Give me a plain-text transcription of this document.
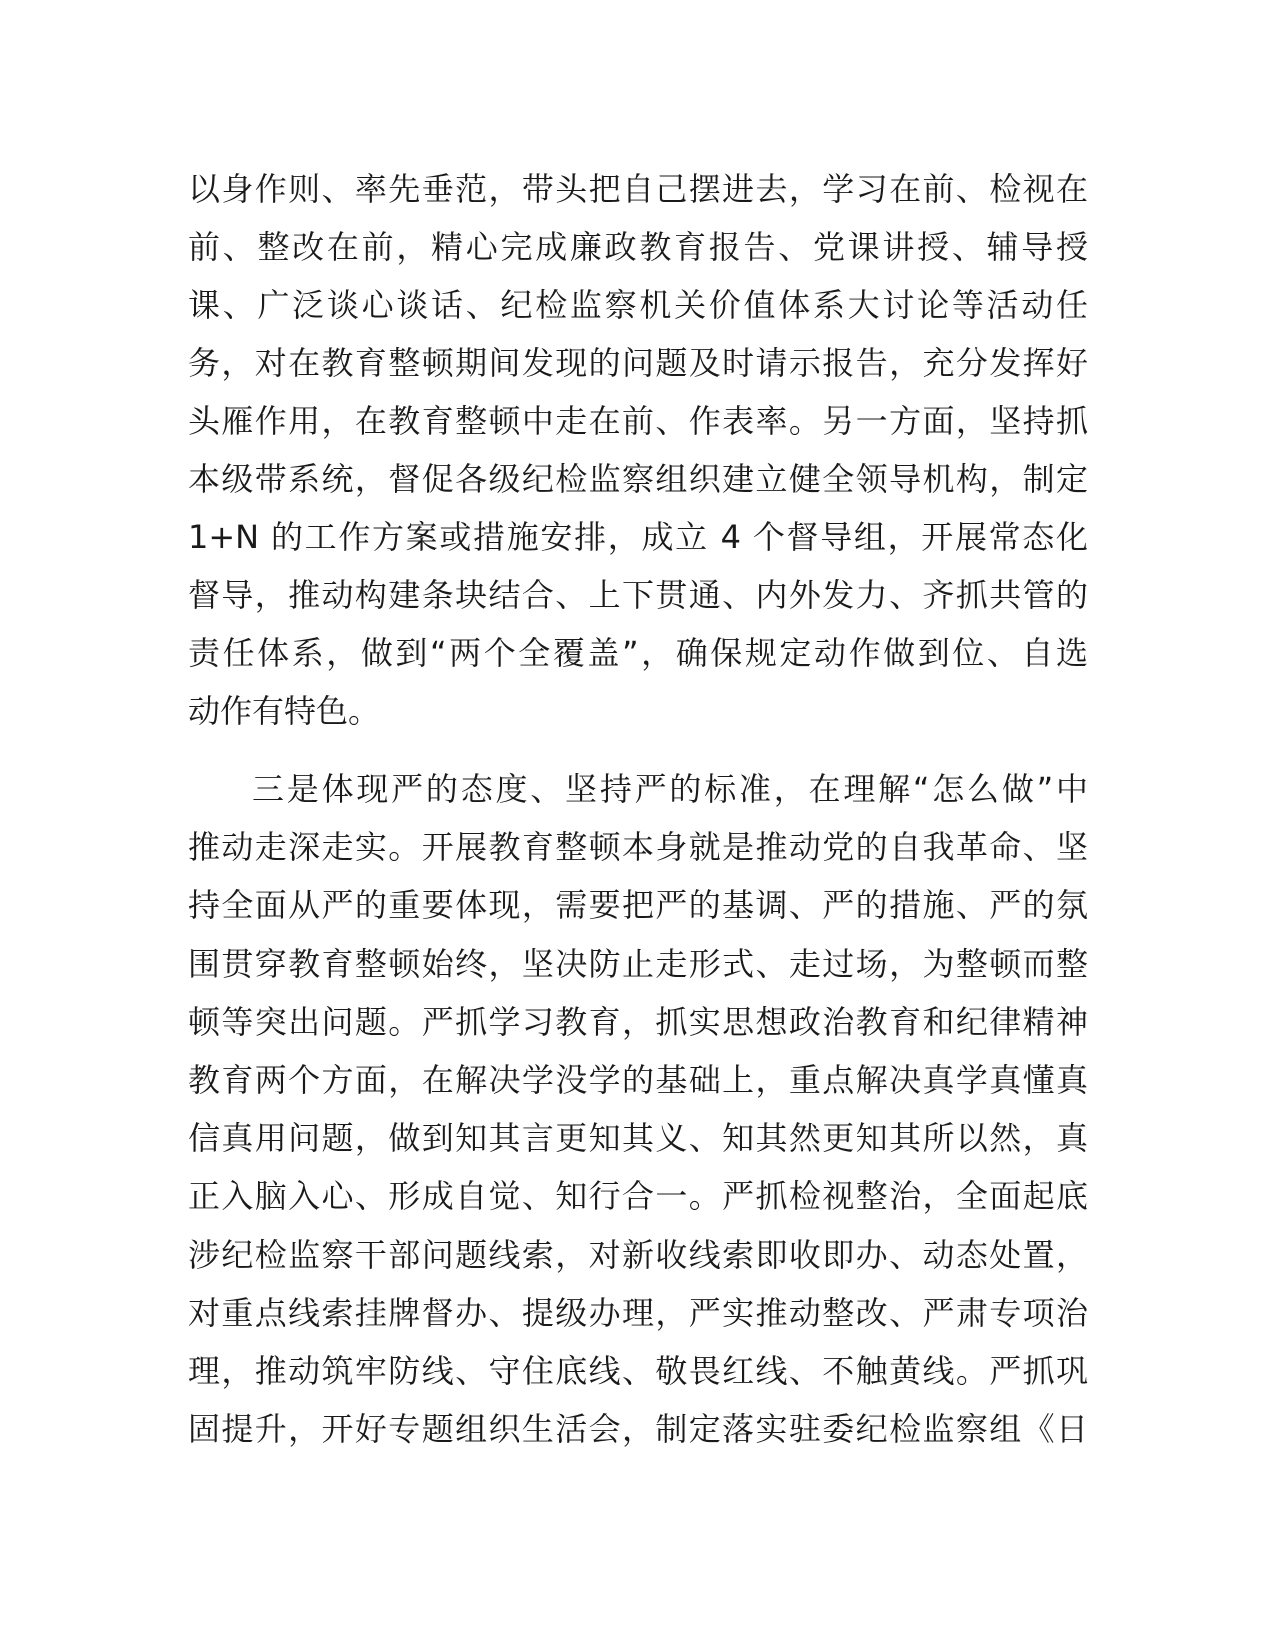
以身作则、率先垂范，带头把自己摆进去，学习在前、检视在
前、整改在前，精心完成廉政教育报告、党课讲授、辅导授
课、广泛谈心谈话、纪检监察机关价值体系大讨论等活动任
务，对在教育整顿期间发现的问题及时请示报告，充分发挥好
头雁作用，在教育整顿中走在前、作表率。另一方面，坚持抓
本级带系统，督促各级纪检监察组织建立健全领导机构，制定
1+N 的工作方案或措施安排，成立 4 个督导组，开展常态化
督导，推动构建条块结合、上下贯通、内外发力、齐抓共管的
责任体系，做到“两个全覆盖”，确保规定动作做到位、自选
动作有特色。
三是体现严的态度、坚持严的标准，在理解“怎么做”中
推动走深走实。开展教育整顿本身就是推动党的自我革命、坚
持全面从严的重要体现，需要把严的基调、严的措施、严的氛
围贯穿教育整顿始终，坚决防止走形式、走过场，为整顿而整
顿等突出问题。严抓学习教育，抓实思想政治教育和纪律精神
教育两个方面，在解决学没学的基础上，重点解决真学真懂真
信真用问题，做到知其言更知其义、知其然更知其所以然，真
正入脑入心、形成自觉、知行合一。严抓检视整治，全面起底
涉纪检监察干部问题线索，对新收线索即收即办、动态处置，
对重点线索挂牌督办、提级办理，严实推动整改、严肃专项治
理，推动筑牢防线、守住底线、敬畏红线、不触黄线。严抓巩
固提升，开好专题组织生活会，制定落实驻委纪检监察组《日
